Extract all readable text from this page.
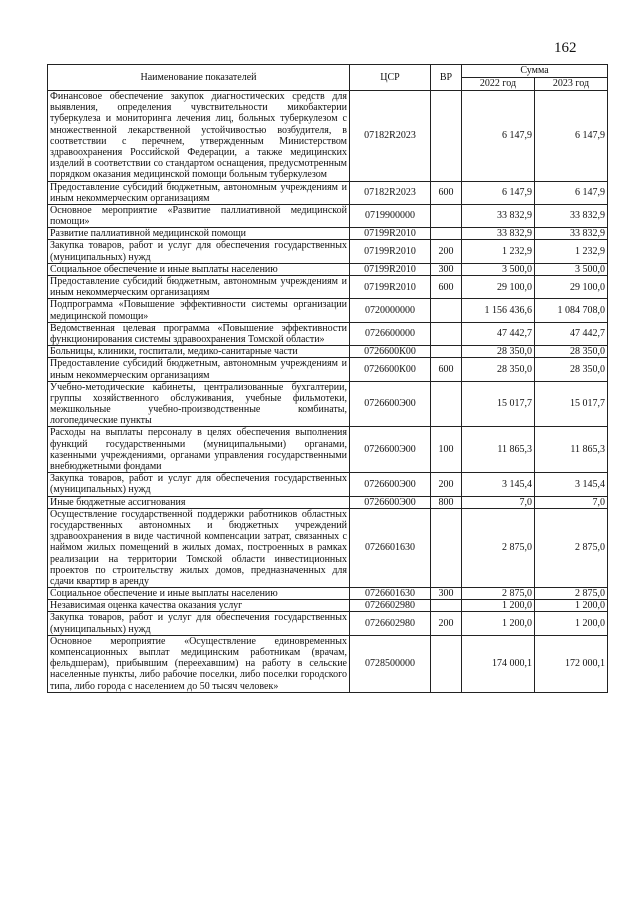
162
Наименование показателей	ЦСР	ВР	Сумма	
			2022 год	2023 год
Финансовое обеспечение закупок диагностических средств для выявления, определения чувствительности микобактерии туберкулеза и мониторинга лечения лиц, больных туберкулезом с множественной лекарственной устойчивостью возбудителя, в соответствии с перечнем, утвержденным Министерством здравоохранения Российской Федерации, а также медицинских изделий в соответствии со стандартом оснащения, предусмотренным порядком оказания медицинской помощи больным туберкулезом	07182R2023		6 147,9	6 147,9
Предоставление субсидий бюджетным, автономным учреждениям и иным некоммерческим организациям	07182R2023	600	6 147,9	6 147,9
Основное мероприятие «Развитие паллиативной медицинской помощи»	0719900000		33 832,9	33 832,9
Развитие паллиативной медицинской помощи	07199R2010		33 832,9	33 832,9
Закупка товаров, работ и услуг для обеспечения государственных (муниципальных) нужд	07199R2010	200	1 232,9	1 232,9
Социальное обеспечение и иные выплаты населению	07199R2010	300	3 500,0	3 500,0
Предоставление субсидий бюджетным, автономным учреждениям и иным некоммерческим организациям	07199R2010	600	29 100,0	29 100,0
Подпрограмма «Повышение эффективности системы организации медицинской помощи»	0720000000		1 156 436,6	1 084 708,0
Ведомственная целевая программа «Повышение эффективности функционирования системы здравоохранения Томской области»	0726600000		47 442,7	47 442,7
Больницы, клиники, госпитали, медико-санитарные части	0726600К00		28 350,0	28 350,0
Предоставление субсидий бюджетным, автономным учреждениям и иным некоммерческим организациям	0726600К00	600	28 350,0	28 350,0
Учебно-методические кабинеты, централизованные бухгалтерии, группы хозяйственного обслуживания, учебные фильмотеки, межшкольные учебно-производственные комбинаты, логопедические пункты	0726600Э00		15 017,7	15 017,7
Расходы на выплаты персоналу в целях обеспечения выполнения функций государственными (муниципальными) органами, казенными учреждениями, органами управления государственными внебюджетными фондами	0726600Э00	100	11 865,3	11 865,3
Закупка товаров, работ и услуг для обеспечения государственных (муниципальных) нужд	0726600Э00	200	3 145,4	3 145,4
Иные бюджетные ассигнования	0726600Э00	800	7,0	7,0
Осуществление государственной поддержки работников областных государственных автономных и бюджетных учреждений здравоохранения в виде частичной компенсации затрат, связанных с наймом жилых помещений в жилых домах, построенных в рамках реализации на территории Томской области инвестиционных проектов по строительству жилых домов, предназначенных для сдачи квартир в аренду	0726601630		2 875,0	2 875,0
Социальное обеспечение и иные выплаты населению	0726601630	300	2 875,0	2 875,0
Независимая оценка качества оказания услуг	0726602980		1 200,0	1 200,0
Закупка товаров, работ и услуг для обеспечения государственных (муниципальных) нужд	0726602980	200	1 200,0	1 200,0
Основное мероприятие «Осуществление единовременных компенсационных выплат медицинским работникам (врачам, фельдшерам), прибывшим (переехавшим) на работу в сельские населенные пункты, либо рабочие поселки, либо поселки городского типа, либо города с населением до 50 тысяч человек»	0728500000		174 000,1	172 000,1
